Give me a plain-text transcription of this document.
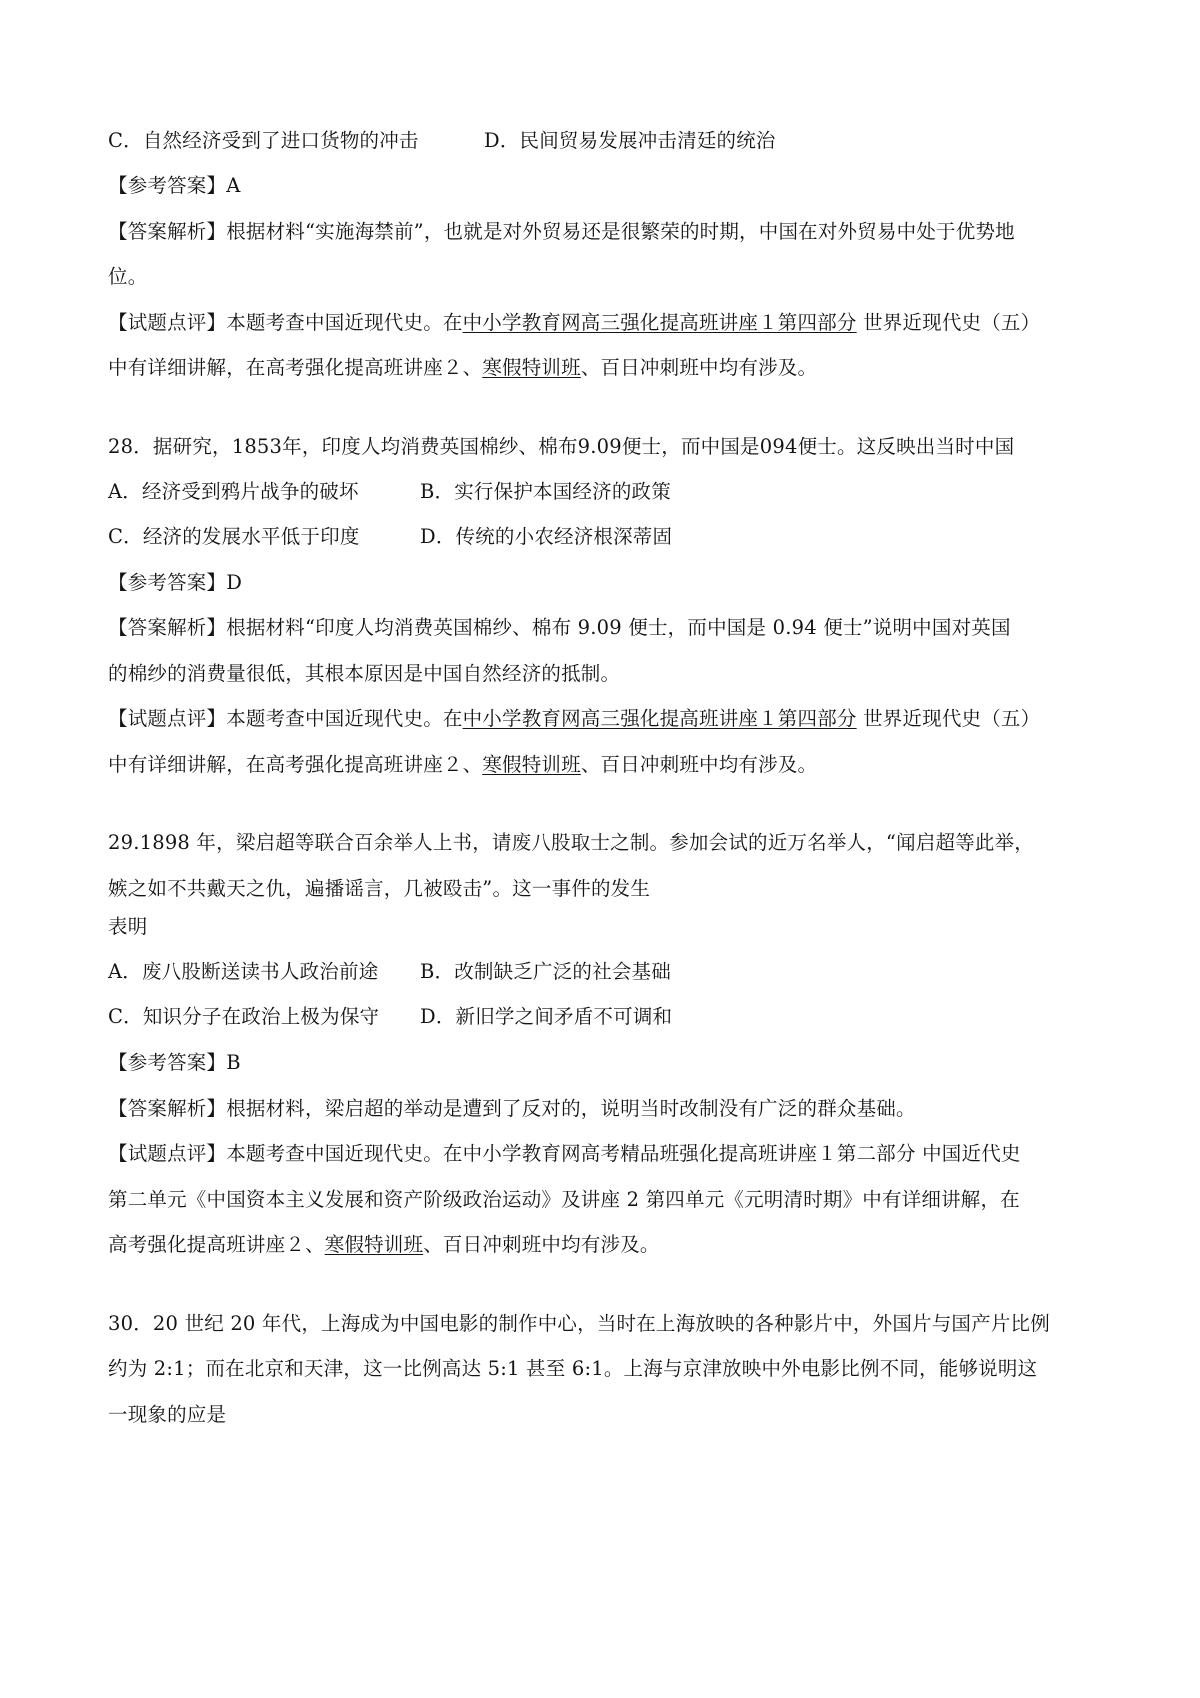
C．自然经济受到了进口货物的冲击	D．民间贸易发展冲击清廷的统治
【参考答案】A
【答案解析】根据材料“实施海禁前”，也就是对外贸易还是很繁荣的时期，中国在对外贸易中处于优势地
位。
【试题点评】本题考查中国近现代史。在中小学教育网高三强化提高班讲座１第四部分 世界近现代史（五）
中有详细讲解，在高考强化提高班讲座２、寒假特训班、百日冲刺班中均有涉及。
28．据研究，1853年，印度人均消费英国棉纱、棉布9.09便士，而中国是094便士。这反映出当时中国
A．经济受到鸦片战争的破坏	B．实行保护本国经济的政策
C．经济的发展水平低于印度	D．传统的小农经济根深蒂固
【参考答案】D
【答案解析】根据材料“印度人均消费英国棉纱、棉布 9.09 便士，而中国是 0.94 便士”说明中国对英国
的棉纱的消费量很低，其根本原因是中国自然经济的抵制。
【试题点评】本题考查中国近现代史。在中小学教育网高三强化提高班讲座１第四部分 世界近现代史（五）
中有详细讲解，在高考强化提高班讲座２、寒假特训班、百日冲刺班中均有涉及。
29.1898 年，梁启超等联合百余举人上书，请废八股取士之制。参加会试的近万名举人，“闻启超等此举，
嫉之如不共戴天之仇，遍播谣言，几被殴击”。这一事件的发生
表明
A．废八股断送读书人政治前途 B．改制缺乏广泛的社会基础
C．知识分子在政治上极为保守 D．新旧学之间矛盾不可调和
【参考答案】B
【答案解析】根据材料，梁启超的举动是遭到了反对的，说明当时改制没有广泛的群众基础。
【试题点评】本题考查中国近现代史。在中小学教育网高考精品班强化提高班讲座１第二部分 中国近代史
第二单元《中国资本主义发展和资产阶级政治运动》及讲座 2 第四单元《元明清时期》中有详细讲解，在
高考强化提高班讲座２、寒假特训班、百日冲刺班中均有涉及。
30．20 世纪 20 年代，上海成为中国电影的制作中心，当时在上海放映的各种影片中，外国片与国产片比例
约为 2:1；而在北京和天津，这一比例高达 5:1 甚至 6:1。上海与京津放映中外电影比例不同，能够说明这
一现象的应是
